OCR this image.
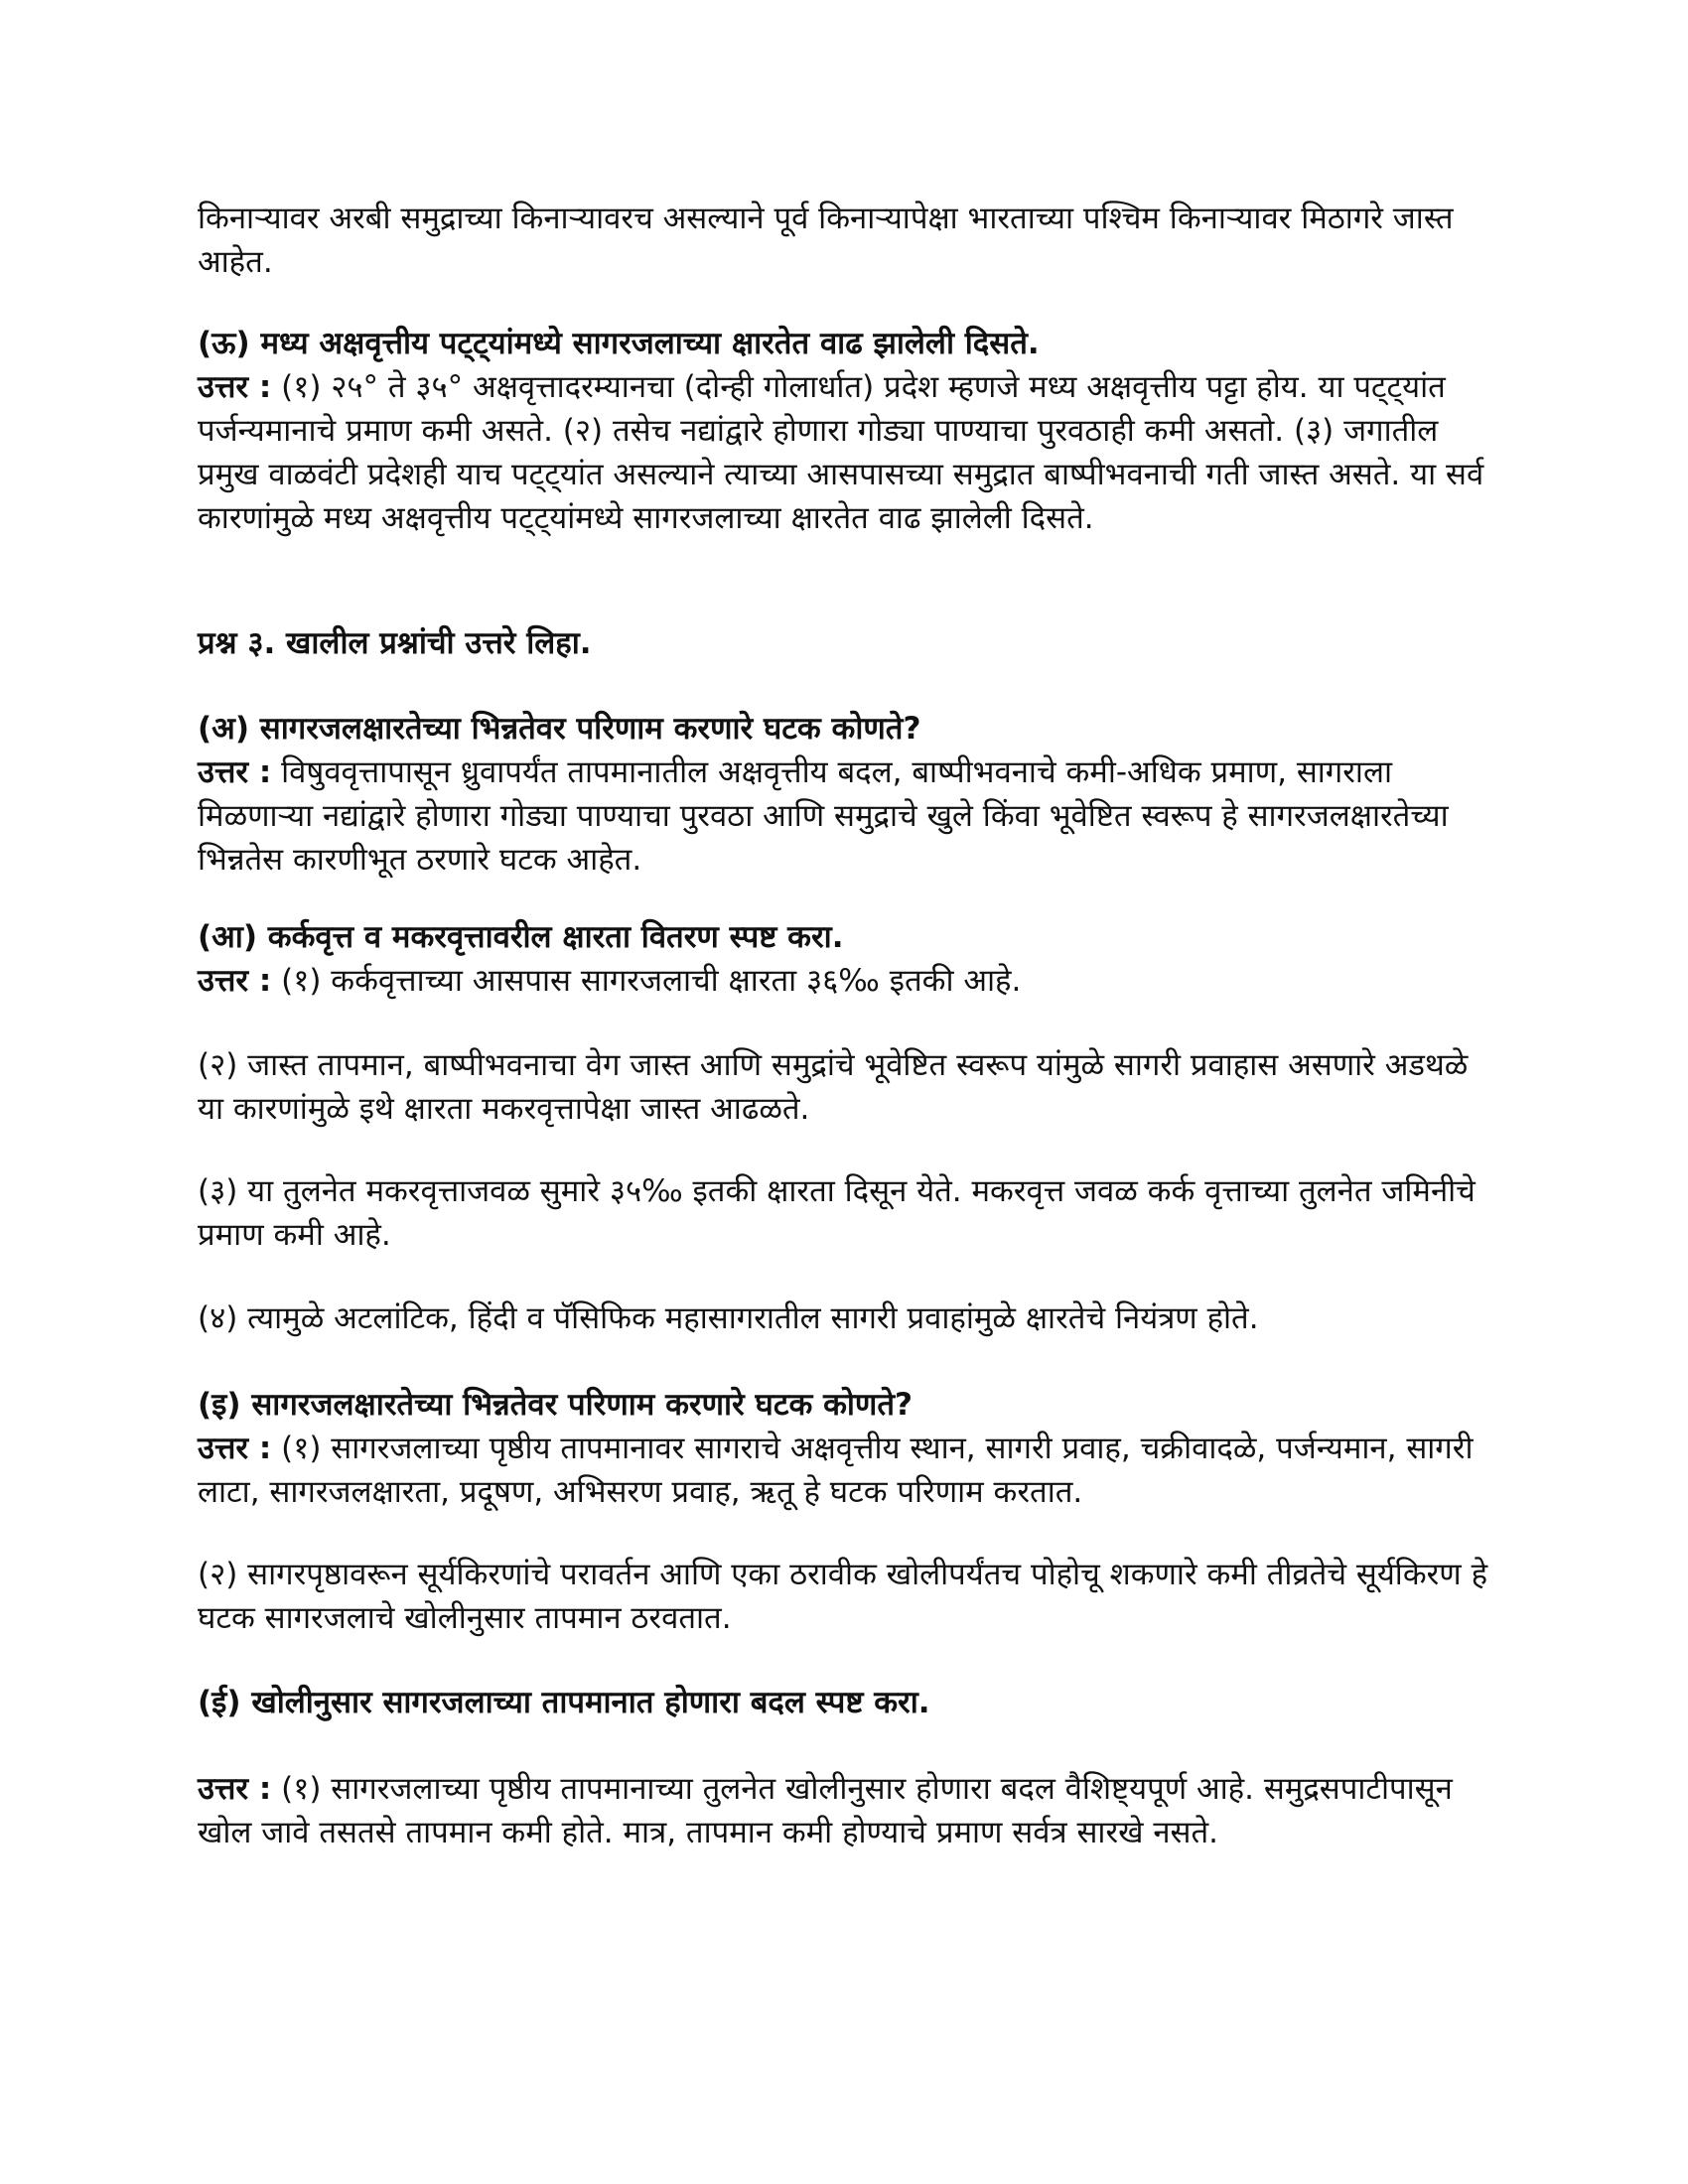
किनाऱ्यावर अरबी समुद्राच्या किनाऱ्यावरच असल्याने पूर्व किनाऱ्यापेक्षा भारताच्या पश्चिम किनाऱ्यावर मिठागरे जास्त आहेत.

(ऊ) मध्य अक्षवृत्तीय पट्ट्यांमध्ये सागरजलाच्या क्षारतेत वाढ झालेली दिसते.
उत्तर : (१) २५° ते ३५° अक्षवृत्तादरम्यानचा (दोन्ही गोलार्धात) प्रदेश म्हणजे मध्य अक्षवृत्तीय पट्टा होय. या पट्ट्यांत पर्जन्यमानाचे प्रमाण कमी असते. (२) तसेच नद्यांद्वारे होणारा गोड्या पाण्याचा पुरवठाही कमी असतो. (३) जगातील प्रमुख वाळवंटी प्रदेशही याच पट्ट्यांत असल्याने त्याच्या आसपासच्या समुद्रात बाष्पीभवनाची गती जास्त असते. या सर्व कारणांमुळे मध्य अक्षवृत्तीय पट्ट्यांमध्ये सागरजलाच्या क्षारतेत वाढ झालेली दिसते.

प्रश्न ३. खालील प्रश्नांची उत्तरे लिहा.

(अ) सागरजलक्षारतेच्या भिन्नतेवर परिणाम करणारे घटक कोणते?
उत्तर : विषुववृत्तापासून ध्रुवापर्यंत तापमानातील अक्षवृत्तीय बदल, बाष्पीभवनाचे कमी-अधिक प्रमाण, सागराला मिळणाऱ्या नद्यांद्वारे होणारा गोड्या पाण्याचा पुरवठा आणि समुद्राचे खुले किंवा भूवेष्टित स्वरूप हे सागरजलक्षारतेच्या भिन्नतेस कारणीभूत ठरणारे घटक आहेत.

(आ) कर्कवृत्त व मकरवृत्तावरील क्षारता वितरण स्पष्ट करा.
उत्तर : (१) कर्कवृत्ताच्या आसपास सागरजलाची क्षारता ३६‰ इतकी आहे.

(२) जास्त तापमान, बाष्पीभवनाचा वेग जास्त आणि समुद्रांचे भूवेष्टित स्वरूप यांमुळे सागरी प्रवाहास असणारे अडथळे या कारणांमुळे इथे क्षारता मकरवृत्तापेक्षा जास्त आढळते.

(३) या तुलनेत मकरवृत्ताजवळ सुमारे ३५‰ इतकी क्षारता दिसून येते. मकरवृत्त जवळ कर्क वृत्ताच्या तुलनेत जमिनीचे प्रमाण कमी आहे.

(४) त्यामुळे अटलांटिक, हिंदी व पॅसिफिक महासागरातील सागरी प्रवाहांमुळे क्षारतेचे नियंत्रण होते.

(इ) सागरजलक्षारतेच्या भिन्नतेवर परिणाम करणारे घटक कोणते?
उत्तर : (१) सागरजलाच्या पृष्ठीय तापमानावर सागराचे अक्षवृत्तीय स्थान, सागरी प्रवाह, चक्रीवादळे, पर्जन्यमान, सागरी लाटा, सागरजलक्षारता, प्रदूषण, अभिसरण प्रवाह, ऋतू हे घटक परिणाम करतात.

(२) सागरपृष्ठावरून सूर्यकिरणांचे परावर्तन आणि एका ठरावीक खोलीपर्यंतच पोहोचू शकणारे कमी तीव्रतेचे सूर्यकिरण हे घटक सागरजलाचे खोलीनुसार तापमान ठरवतात.

(ई) खोलीनुसार सागरजलाच्या तापमानात होणारा बदल स्पष्ट करा.

उत्तर : (१) सागरजलाच्या पृष्ठीय तापमानाच्या तुलनेत खोलीनुसार होणारा बदल वैशिष्ट्यपूर्ण आहे. समुद्रसपाटीपासून खोल जावे तसतसे तापमान कमी होते. मात्र, तापमान कमी होण्याचे प्रमाण सर्वत्र सारखे नसते.
